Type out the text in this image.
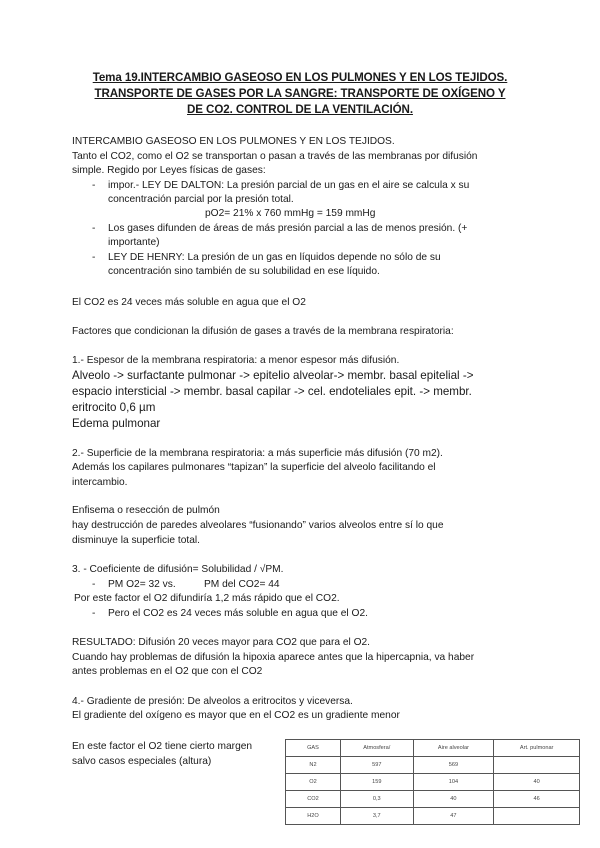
Tema 19.INTERCAMBIO GASEOSO EN LOS PULMONES Y EN LOS TEJIDOS.
TRANSPORTE DE GASES POR LA SANGRE: TRANSPORTE DE OXÍGENO Y
DE CO2. CONTROL DE LA VENTILACIÓN.
INTERCAMBIO GASEOSO EN LOS PULMONES Y EN LOS TEJIDOS.
Tanto el CO2, como el O2 se transportan o pasan a través de las membranas por difusión
simple. Regido por Leyes físicas de gases:
- impor.- LEY DE DALTON: La presión parcial de un gas en el aire se calcula x su
concentración parcial por la presión total.
pO2= 21% x 760 mmHg = 159 mmHg
- Los gases difunden de áreas de más presión parcial a las de menos presión. (+
importante)
- LEY DE HENRY: La presión de un gas en líquidos depende no sólo de su
concentración sino también de su solubilidad en ese líquido.
El CO2 es 24 veces más soluble en agua que el O2
Factores que condicionan la difusión de gases a través de la membrana respiratoria:
1.- Espesor de la membrana respiratoria: a menor espesor más difusión.
Alveolo -> surfactante pulmonar -> epitelio alveolar-> membr. basal epitelial ->
espacio intersticial -> membr. basal capilar -> cel. endoteliales epit. -> membr.
eritrocito 0,6 µm
Edema pulmonar
2.- Superficie de la membrana respiratoria: a más superficie más difusión (70 m2).
Además los capilares pulmonares “tapizan” la superficie del alveolo facilitando el
intercambio.
Enfisema o resección de pulmón
hay destrucción de paredes alveolares “fusionando” varios alveolos entre sí lo que
disminuye la superficie total.
3. - Coeficiente de difusión= Solubilidad / √PM.
- PM O2= 32 vs.          PM del CO2= 44
Por este factor el O2 difundiría 1,2 más rápido que el CO2.
- Pero el CO2 es 24 veces más soluble en agua que el O2.
RESULTADO: Difusión 20 veces mayor para CO2 que para el O2.
Cuando hay problemas de difusión la hipoxia aparece antes que la hipercapnia, va haber
antes problemas en el O2 que con el CO2
4.- Gradiente de presión: De alveolos a eritrocitos y viceversa.
El gradiente del oxígeno es mayor que en el CO2 es un gradiente menor
En este factor el O2 tiene cierto margen
salvo casos especiales (altura)
GAS	Atmosfera/	Aire alveolar	Art. pulmonar
N2	597	569	
O2	159	104	40
CO2	0,3	40	46
H2O	3,7	47	
